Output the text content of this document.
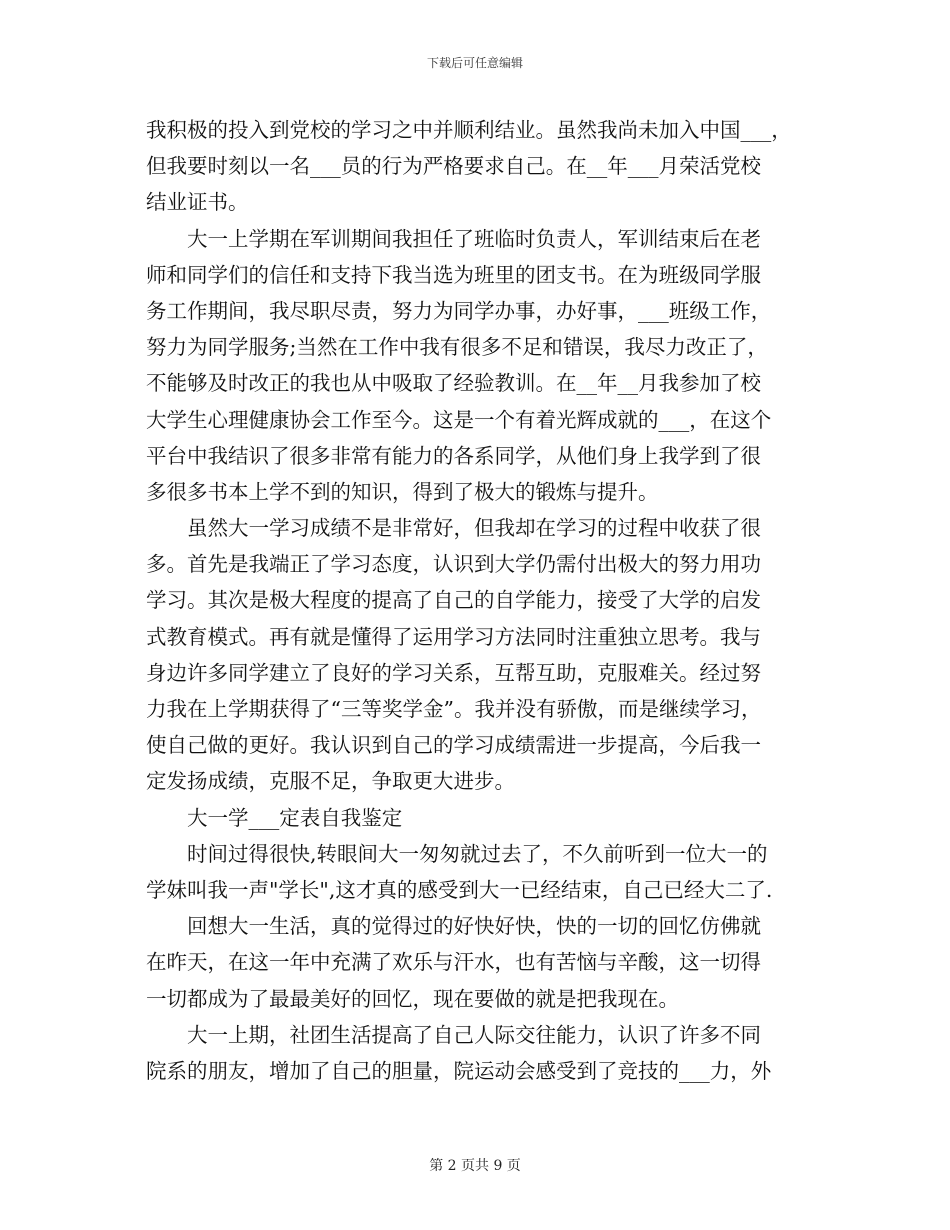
下载后可任意编辑
我积极的投入到党校的学习之中并顺利结业。虽然我尚未加入中国___，
但我要时刻以一名___员的行为严格要求自己。在__年___月荣活党校
结业证书。
大一上学期在军训期间我担任了班临时负责人，军训结束后在老
师和同学们的信任和支持下我当选为班里的团支书。在为班级同学服
务工作期间，我尽职尽责，努力为同学办事，办好事，___班级工作，
努力为同学服务;当然在工作中我有很多不足和错误，我尽力改正了，
不能够及时改正的我也从中吸取了经验教训。在__年__月我参加了校
大学生心理健康协会工作至今。这是一个有着光辉成就的___，在这个
平台中我结识了很多非常有能力的各系同学，从他们身上我学到了很
多很多书本上学不到的知识，得到了极大的锻炼与提升。
虽然大一学习成绩不是非常好，但我却在学习的过程中收获了很
多。首先是我端正了学习态度，认识到大学仍需付出极大的努力用功
学习。其次是极大程度的提高了自己的自学能力，接受了大学的启发
式教育模式。再有就是懂得了运用学习方法同时注重独立思考。我与
身边许多同学建立了良好的学习关系，互帮互助，克服难关。经过努
力我在上学期获得了“三等奖学金”。我并没有骄傲，而是继续学习，
使自己做的更好。我认识到自己的学习成绩需进一步提高，今后我一
定发扬成绩，克服不足，争取更大进步。
大一学___定表自我鉴定
时间过得很快,转眼间大一匆匆就过去了，不久前听到一位大一的
学妹叫我一声"学长",这才真的感受到大一已经结束，自己已经大二了.
回想大一生活，真的觉得过的好快好快，快的一切的回忆仿佛就
在昨天，在这一年中充满了欢乐与汗水，也有苦恼与辛酸，这一切得
一切都成为了最最美好的回忆，现在要做的就是把我现在。
大一上期，社团生活提高了自己人际交往能力，认识了许多不同
院系的朋友，增加了自己的胆量，院运动会感受到了竞技的___力，外
第 2 页共 9 页
